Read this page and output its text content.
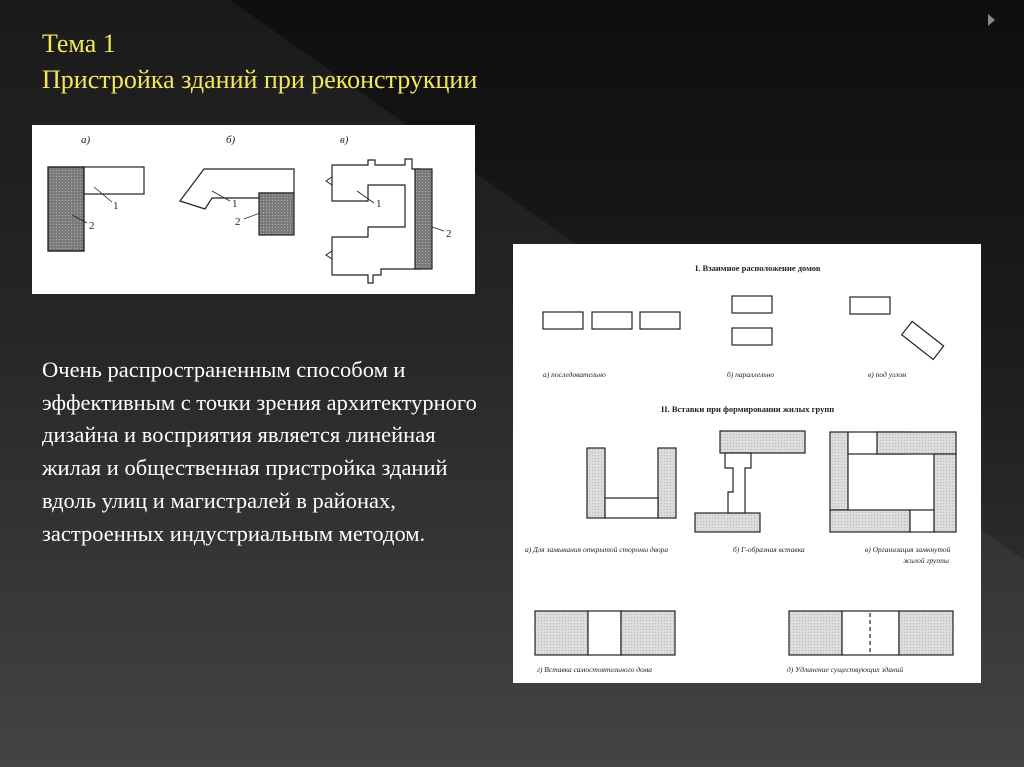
Тема 1
Пристройка зданий при реконструкции
а)
1
2
б)
1
2
в)
1
2
I. Взаимное расположение домов
а) последовательно	б) параллельно	в) под углом
II. Вставки при формировании жилых групп
а) Для замыкания открытой стороны двора	б) Г-образная вставка	в) Организация замкнутой
жилой группы
г) Вставка самостоятельного дома	д) Удлинение существующих зданий

Очень распространенным способом и эффективным с точки зрения архитектурного дизайна и восприятия является линейная жилая и общественная пристройка зданий вдоль улиц и магистралей в районах, застроенных индустриальным методом.
